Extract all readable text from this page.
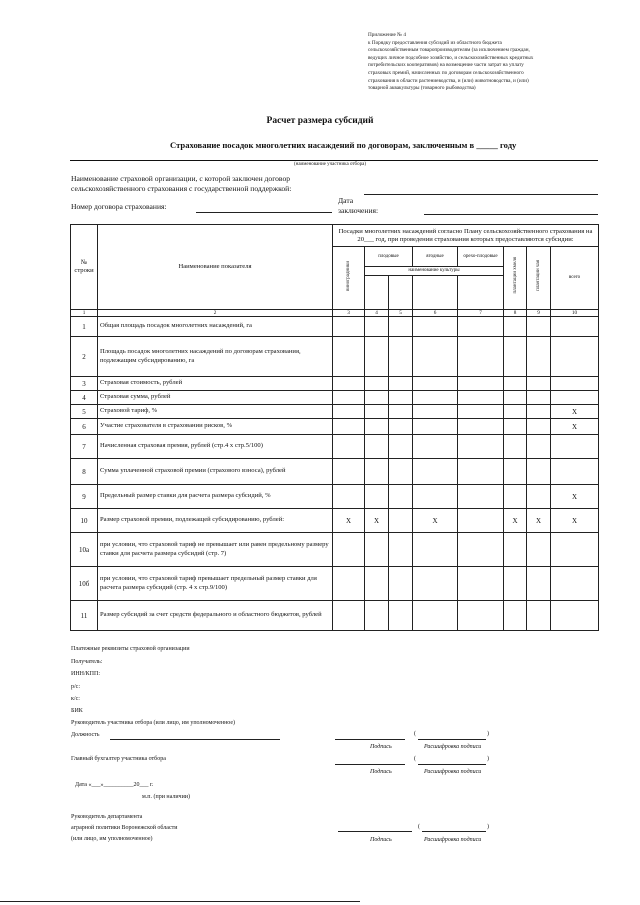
Приложение № 4
к Порядку предоставления субсидий из областного бюджета
сельскохозяйственным товаропроизводителям (за исключением граждан,
ведущих личное подсобное хозяйство, и сельскохозяйственных кредитных
потребительских кооперативов) на возмещение части затрат на уплату
страховых премий, начисленных по договорам сельскохозяйственного
страхования в области растениеводства, и (или) животноводства, и (или)
товарной аквакультуры (товарного рыбоводства)
Расчет размера субсидий
Страхование посадок многолетних насаждений по договорам, заключенным в _____ году
(наименование участника отбора)
Наименование страховой организации, с которой заключен договор
сельскохозяйственного страхования с государственной поддержкой:
Номер договора страхования:
Дата
заключения:
№ строки	Наименование показателя	Посадки многолетних насаждений согласно Плану сельскохозяйственного страхования на 20___ год, при проведении страхования которых предоставляются субсидии:							
		виноградники	плодовые		ягодные	орехо-плодовые	плантации хмеля	плантации чая	всего
			наименование культуры						

1	2	3	4	5	6	7	8	9	10
1	Общая площадь посадок многолетних насаждений, га								
2	Площадь посадок многолетних насаждений по договорам страхования, подлежащим субсидированию, га								
3	Страховая стоимость, рублей								
4	Страховая сумма, рублей								
5	Страховой тариф, %								X
6	Участие страхователя в страховании рисков, %								X
7	Начисленная страховая премия, рублей (стр.4 x стр.5/100)								
8	Сумма уплаченной страховой премии (страхового взноса), рублей								
9	Предельный размер ставки для расчета размера субсидий, %								X
10	Размер страховой премии, подлежащей субсидированию, рублей:	X	X		X		X	X	X
10а	при условии, что страховой тариф не превышает или равен предельному размеру ставки для расчета размера субсидий (стр. 7)								
10б	при условии, что страховой тариф превышает предельный размер ставки для расчета размера субсидий (стр. 4 x стр.9/100)								
11	Размер субсидий за счет средств федерального и областного бюджетов, рублей								
Платежные реквизиты страховой организации
Получатель:
ИНН/КПП:
р/с:
к/с:
БИК
Руководитель участника отбора (или лицо, им уполномоченное)
Должность	(	)
Подпись	Расшифровка подписи
Главный бухгалтер участника отбора	(	)
Подпись	Расшифровка подписи
Дата «___»__________20___ г.
м.п. (при наличии)
Руководитель департамента
аграрной политики Воронежской области
(или лицо, им уполномоченное)
(	)
Подпись	Расшифровка подписи
